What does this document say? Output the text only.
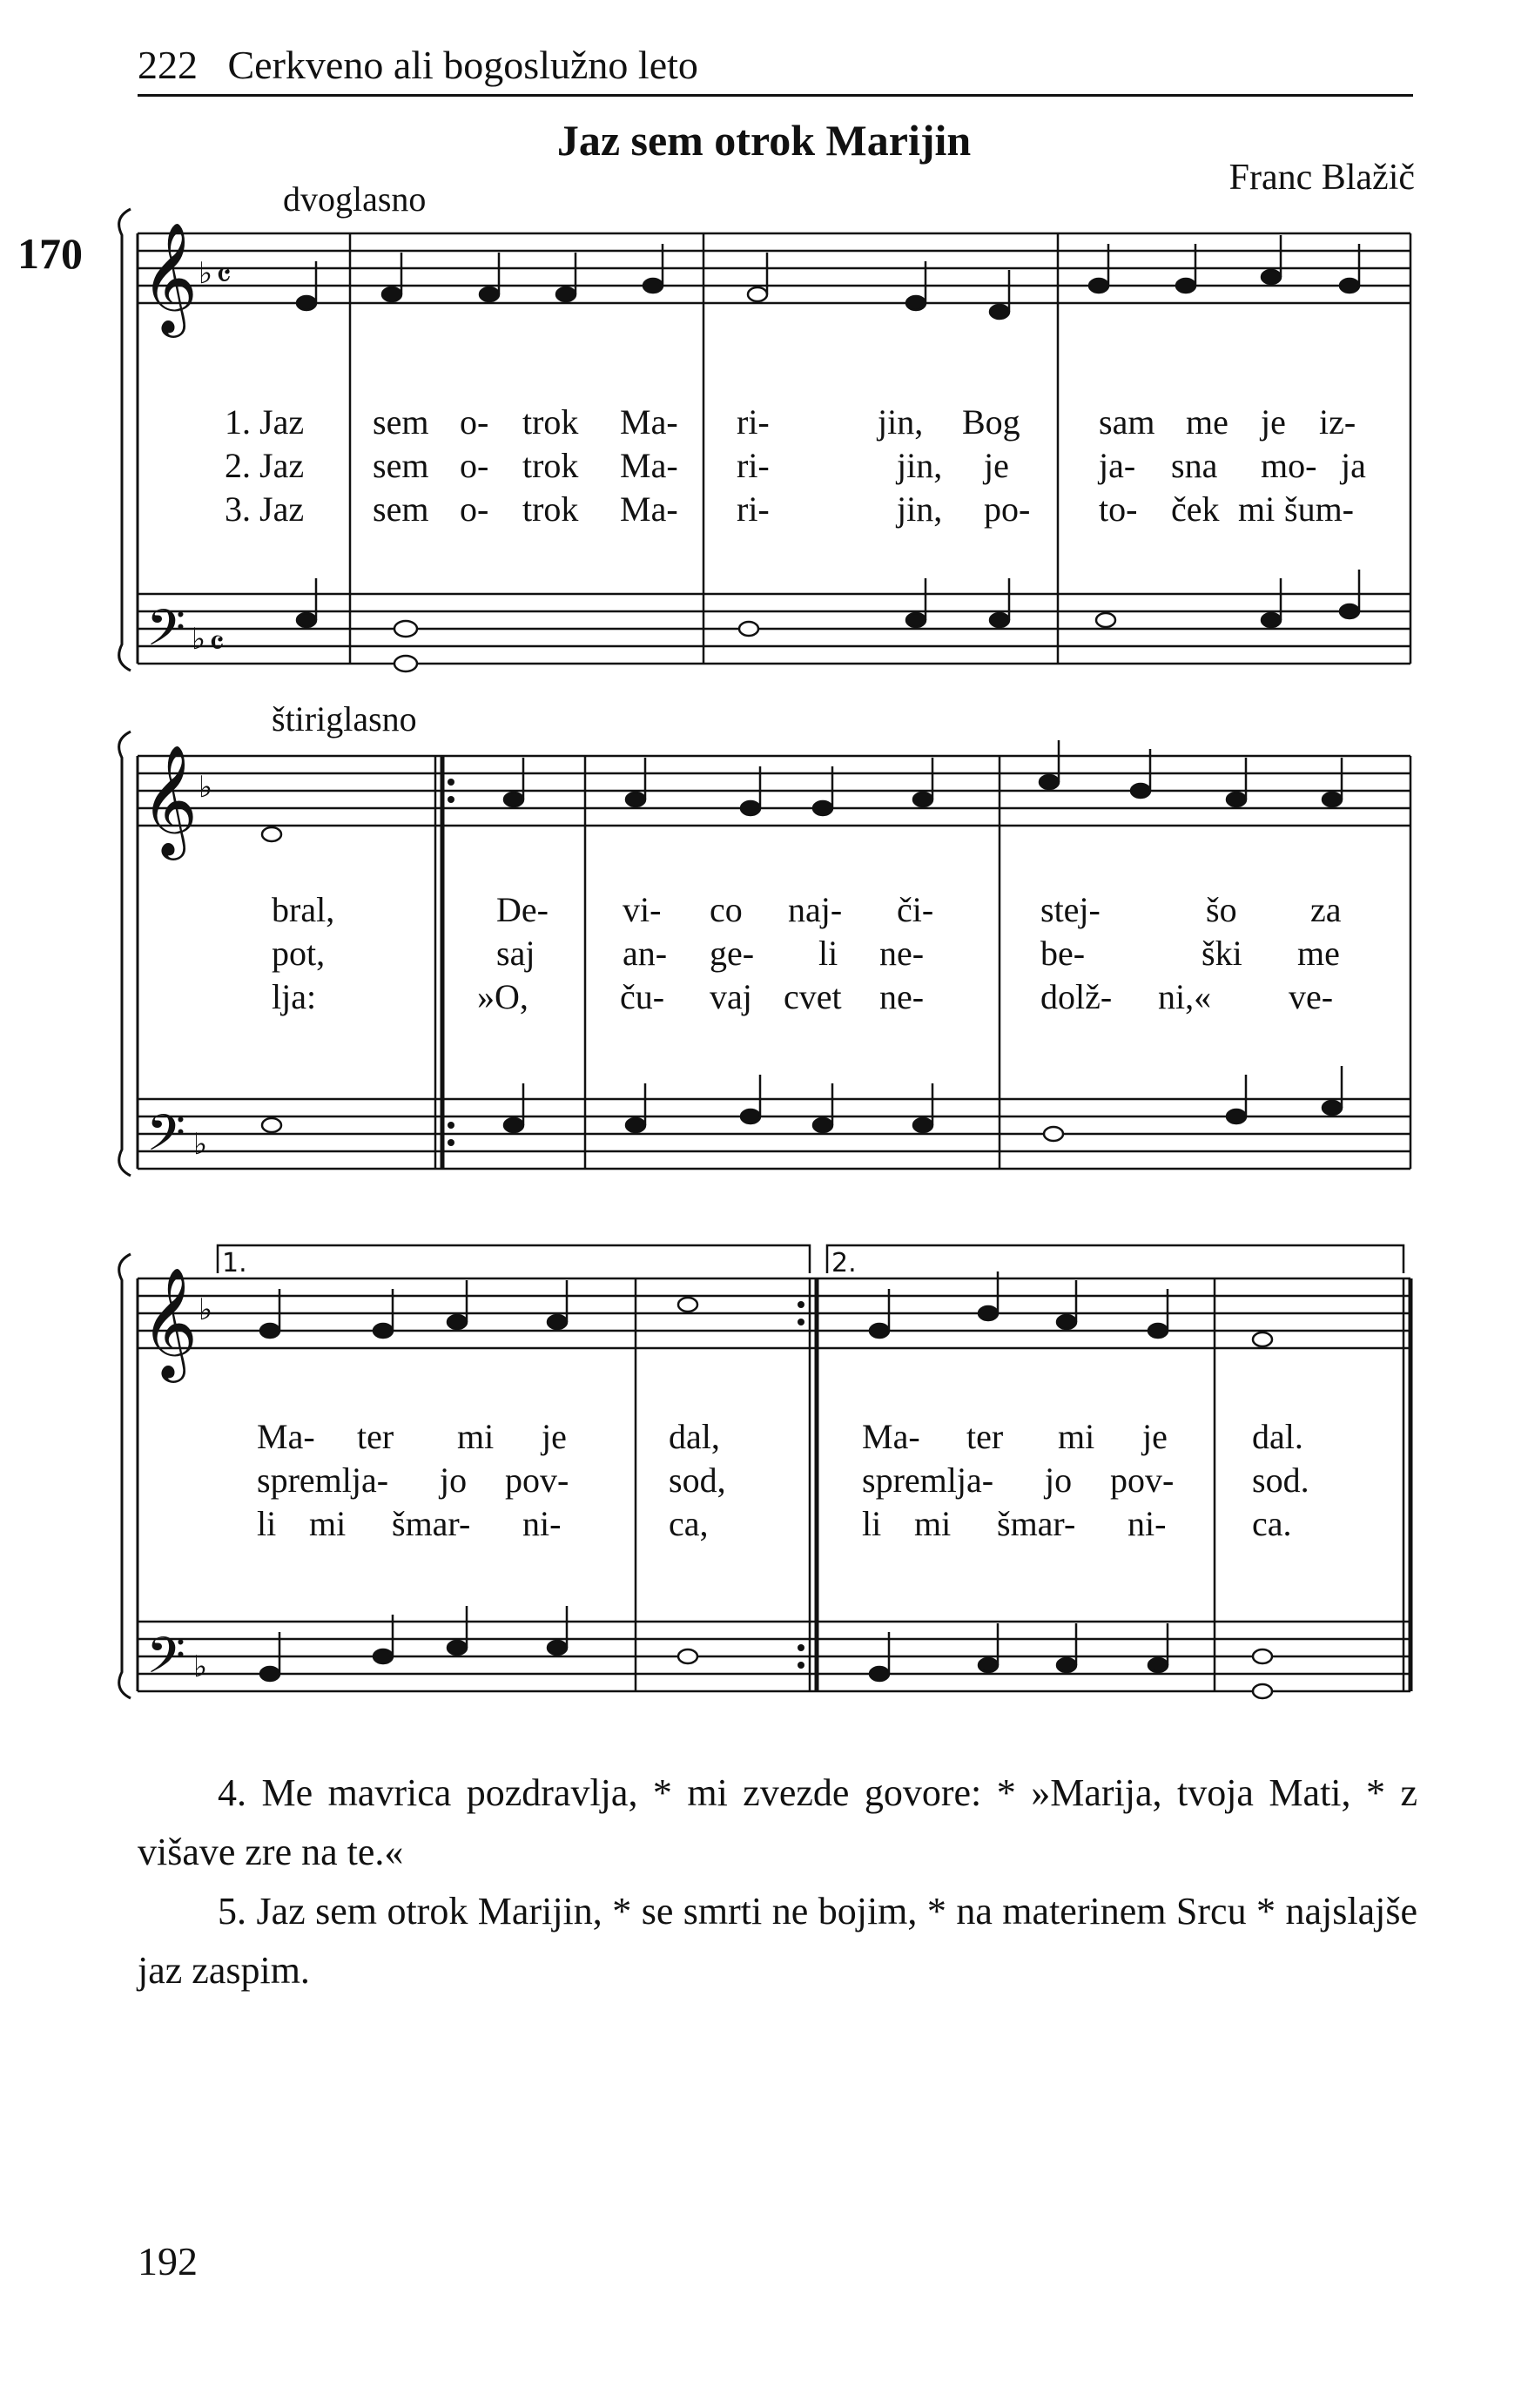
222 Cerkveno ali bogoslužno leto
Jaz sem otrok Marijin
Franc Blažič
170
dvoglasno
štiriglasno
𝄞
𝄢
♭ 𝄴
♭ 𝄴
𝄞
𝄢
♭
♭
𝄞
𝄢
♭
♭
1.	2.
1. Jaz sem o- trok Ma- ri-	jin, Bog sam me je iz-
2. Jaz sem o- trok Ma- ri-	jin, je	ja- sna mo- ja
3. Jaz sem o- trok Ma- ri-	jin, po- to- ček mi šum-
bral,	De- vi- co naj- či-	stej-	šo za
pot,	saj	an- ge- li ne-	be-	ški me
lja:	»O,	ču- vaj cvet ne-	dolž- ni,« ve-
Ma- ter mi je	dal,	Ma- ter mi je dal.
spremlja- jo pov-	sod,	spremlja- jo pov- sod.
li mi šmar- ni-	ca,	li mi šmar- ni- ca.

4. Me mavrica pozdravlja, * mi zvezde govore: * »Marija, tvoja Mati, * z višave zre na te.«

5. Jaz sem otrok Marijin, * se smrti ne bojim, * na materinem Srcu * najslajše jaz zaspim.

192
